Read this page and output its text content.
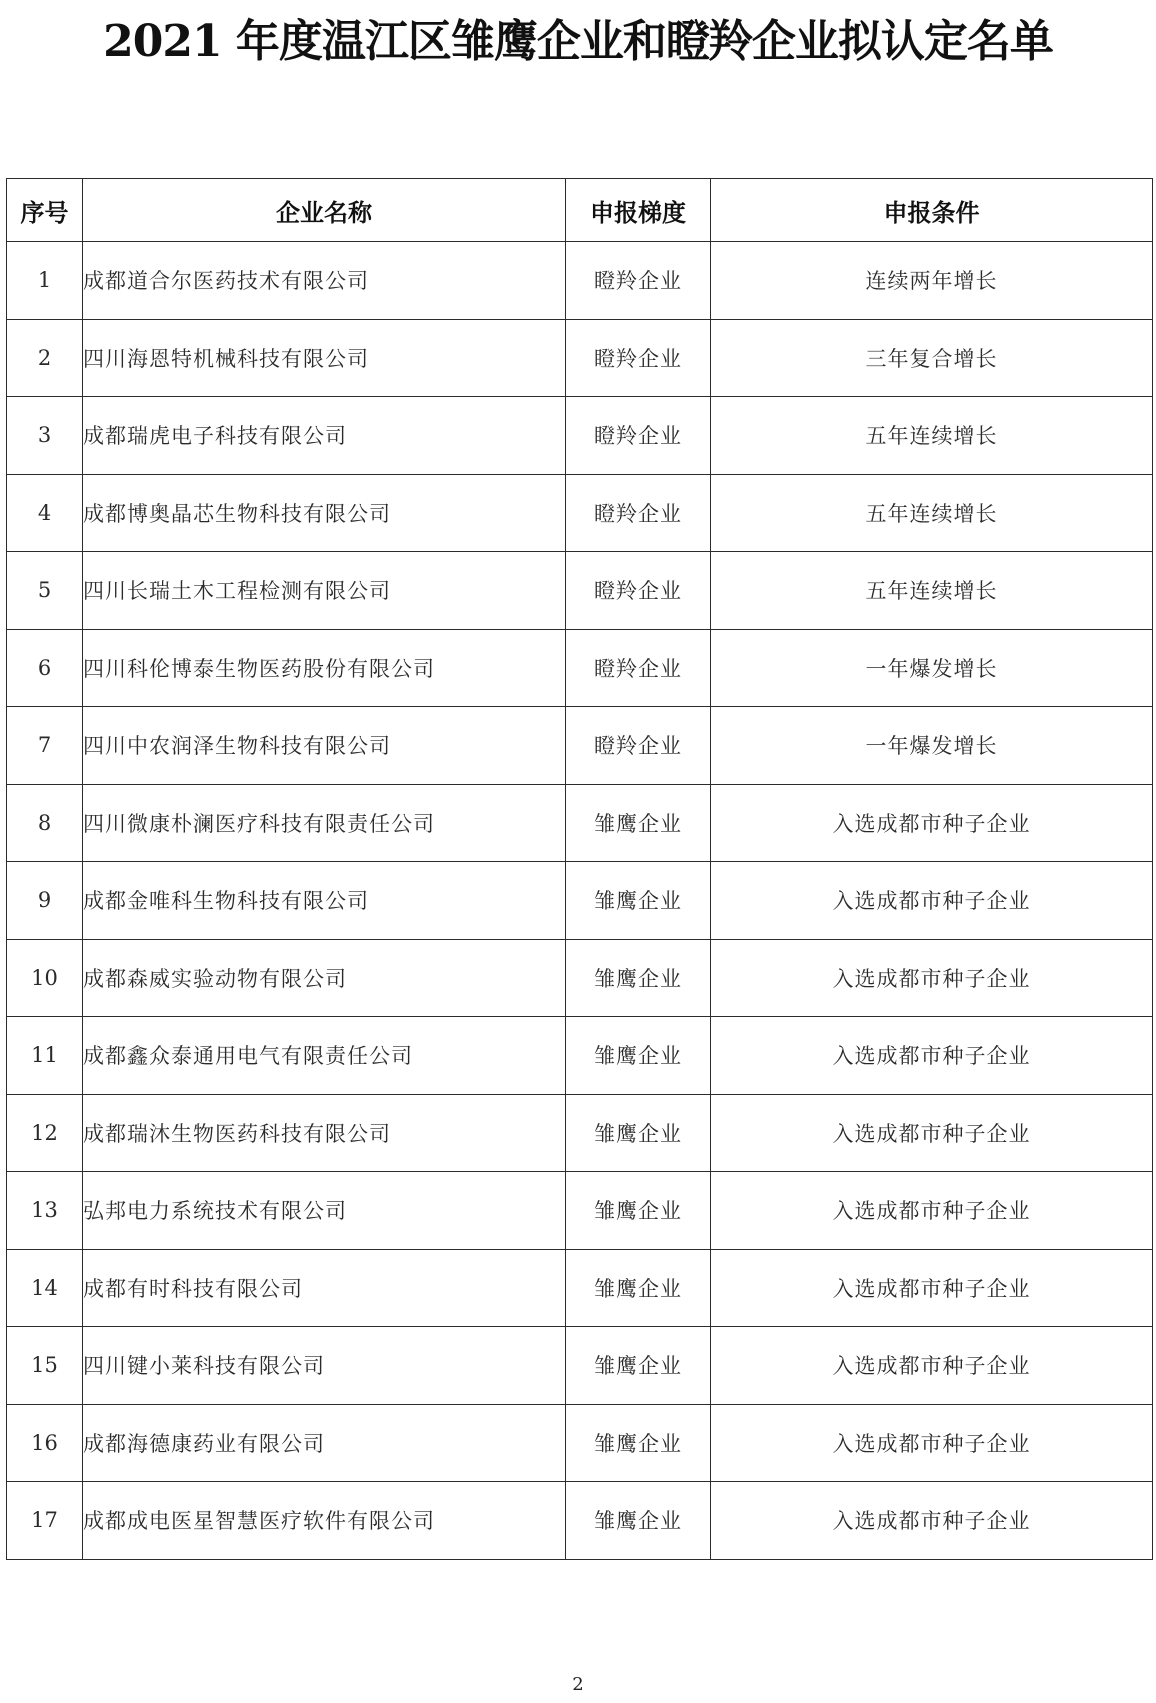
2021 年度温江区雏鹰企业和瞪羚企业拟认定名单
序号	企业名称	申报梯度	申报条件
1	成都道合尔医药技术有限公司	瞪羚企业	连续两年增长
2	四川海恩特机械科技有限公司	瞪羚企业	三年复合增长
3	成都瑞虎电子科技有限公司	瞪羚企业	五年连续增长
4	成都博奥晶芯生物科技有限公司	瞪羚企业	五年连续增长
5	四川长瑞土木工程检测有限公司	瞪羚企业	五年连续增长
6	四川科伦博泰生物医药股份有限公司	瞪羚企业	一年爆发增长
7	四川中农润泽生物科技有限公司	瞪羚企业	一年爆发增长
8	四川微康朴澜医疗科技有限责任公司	雏鹰企业	入选成都市种子企业
9	成都金唯科生物科技有限公司	雏鹰企业	入选成都市种子企业
10	成都森威实验动物有限公司	雏鹰企业	入选成都市种子企业
11	成都鑫众泰通用电气有限责任公司	雏鹰企业	入选成都市种子企业
12	成都瑞沐生物医药科技有限公司	雏鹰企业	入选成都市种子企业
13	弘邦电力系统技术有限公司	雏鹰企业	入选成都市种子企业
14	成都有时科技有限公司	雏鹰企业	入选成都市种子企业
15	四川键小莱科技有限公司	雏鹰企业	入选成都市种子企业
16	成都海德康药业有限公司	雏鹰企业	入选成都市种子企业
17	成都成电医星智慧医疗软件有限公司	雏鹰企业	入选成都市种子企业
2
